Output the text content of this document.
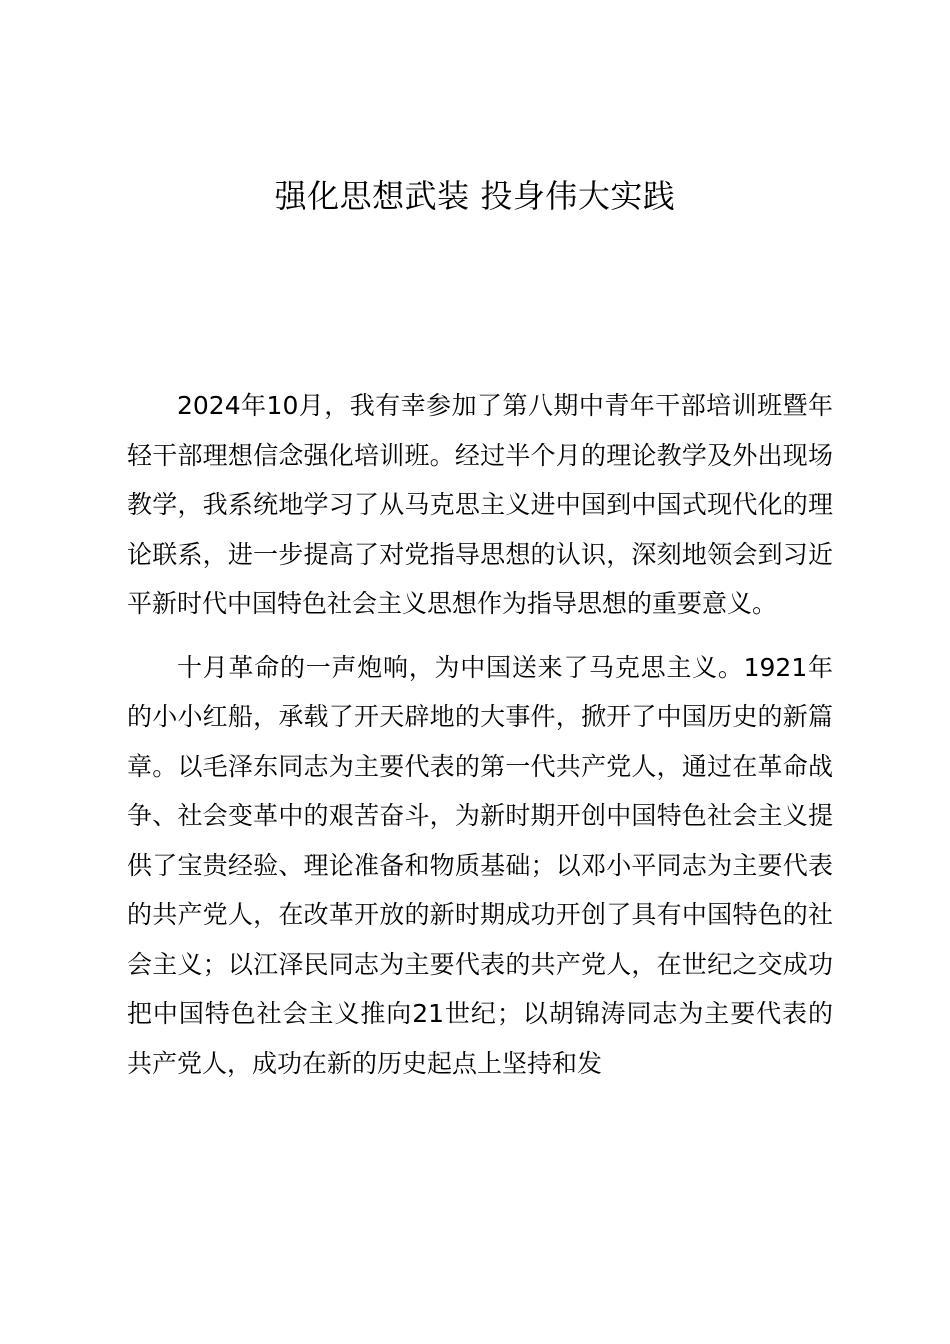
强化思想武装 投身伟大实践

2024年10月，我有幸参加了第八期中青年干部培训班暨年轻干部理想信念强化培训班。经过半个月的理论教学及外出现场教学，我系统地学习了从马克思主义进中国到中国式现代化的理论联系，进一步提高了对党指导思想的认识，深刻地领会到习近平新时代中国特色社会主义思想作为指导思想的重要意义。

十月革命的一声炮响，为中国送来了马克思主义。1921年的小小红船，承载了开天辟地的大事件，掀开了中国历史的新篇章。以毛泽东同志为主要代表的第一代共产党人，通过在革命战争、社会变革中的艰苦奋斗，为新时期开创中国特色社会主义提供了宝贵经验、理论准备和物质基础；以邓小平同志为主要代表的共产党人，在改革开放的新时期成功开创了具有中国特色的社会主义；以江泽民同志为主要代表的共产党人，在世纪之交成功把中国特色社会主义推向21世纪；以胡锦涛同志为主要代表的共产党人，成功在新的历史起点上坚持和发
